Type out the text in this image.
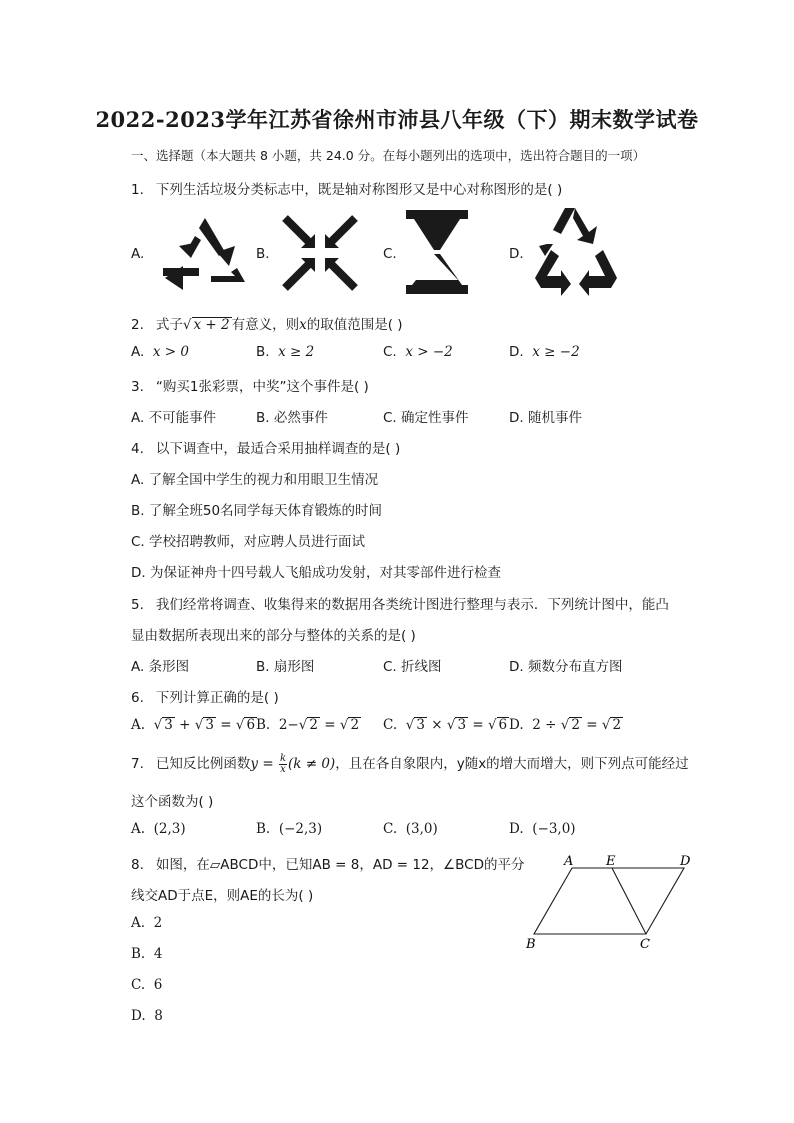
2022-2023学年江苏省徐州市沛县八年级（下）期末数学试卷
一、选择题（本大题共 8 小题，共 24.0 分。在每小题列出的选项中，选出符合题目的一项）
1. 下列生活垃圾分类标志中，既是轴对称图形又是中心对称图形的是( )
A.	B.	C.	D.
2. 式子√ x + 2 有意义，则x的取值范围是( )
A. x > 0	B. x ≥ 2	C. x > −2	D. x ≥ −2
3. “购买1张彩票，中奖”这个事件是( )
A. 不可能事件	B. 必然事件	C. 确定性事件	D. 随机事件
4. 以下调查中，最适合采用抽样调查的是( )
A. 了解全国中学生的视力和用眼卫生情况
B. 了解全班50名同学每天体育锻炼的时间
C. 学校招聘教师，对应聘人员进行面试
D. 为保证神舟十四号载人飞船成功发射，对其零部件进行检查
5. 我们经常将调查、收集得来的数据用各类统计图进行整理与表示．下列统计图中，能凸
显由数据所表现出来的部分与整体的关系的是( )
A. 条形图	B. 扇形图	C. 折线图	D. 频数分布直方图
6. 下列计算正确的是( )
A.  √ 3 + √ 3 = √ 6 B. 2−√ 2 = √ 2 C.  √ 3 × √ 3 = √ 6 D. 2 ÷ √ 2 = √ 2
7. 已知反比例函数$y = \frac{k}{x} (k \ne 0)$，且在各自象限内，y随x的增大而增大，则下列点可能经过
这个函数为( )
A. (2,3)	B. (−2,3)	C. (3,0)	D. (−3,0)
8. 如图，在▱ABCD中，已知AB = 8，AD = 12，∠BCD的平分
线交AD于点E，则AE的长为( )
A. 2
B. 4
C. 6
D. 8
A	E	D
B	C
